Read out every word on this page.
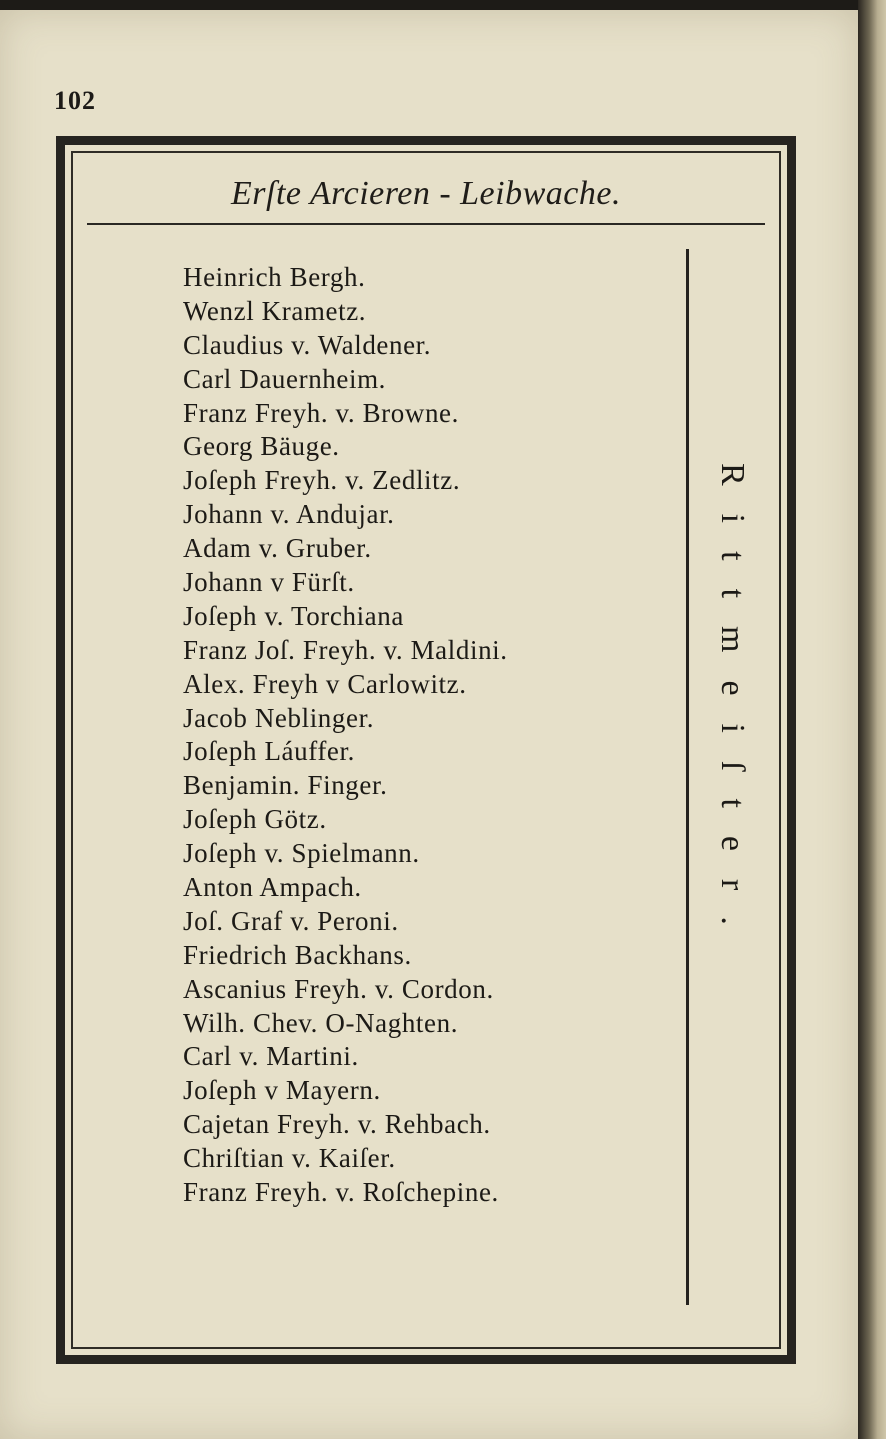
102
Erſte Arcieren - Leibwache.
Heinrich Bergh.
Wenzl Krametz.
Claudius v. Waldener.
Carl Dauernheim.
Franz Freyh. v. Browne.
Georg Bäuge.
Joſeph Freyh. v. Zedlitz.
Johann v. Andujar.
Adam v. Gruber.
Johann v Fürſt.
Joſeph v. Torchiana
Franz Joſ. Freyh. v. Maldini.
Alex. Freyh v Carlowitz.
Jacob Neblinger.
Joſeph Láuffer.
Benjamin. Finger.
Joſeph Götz.
Joſeph v. Spielmann.
Anton Ampach.
Joſ. Graf v. Peroni.
Friedrich Backhans.
Ascanius Freyh. v. Cordon.
Wilh. Chev. O-Naghten.
Carl v. Martini.
Joſeph v Mayern.
Cajetan Freyh. v. Rehbach.
Chriſtian v. Kaiſer.
Franz Freyh. v. Roſchepine.
Rittmeiſter.
